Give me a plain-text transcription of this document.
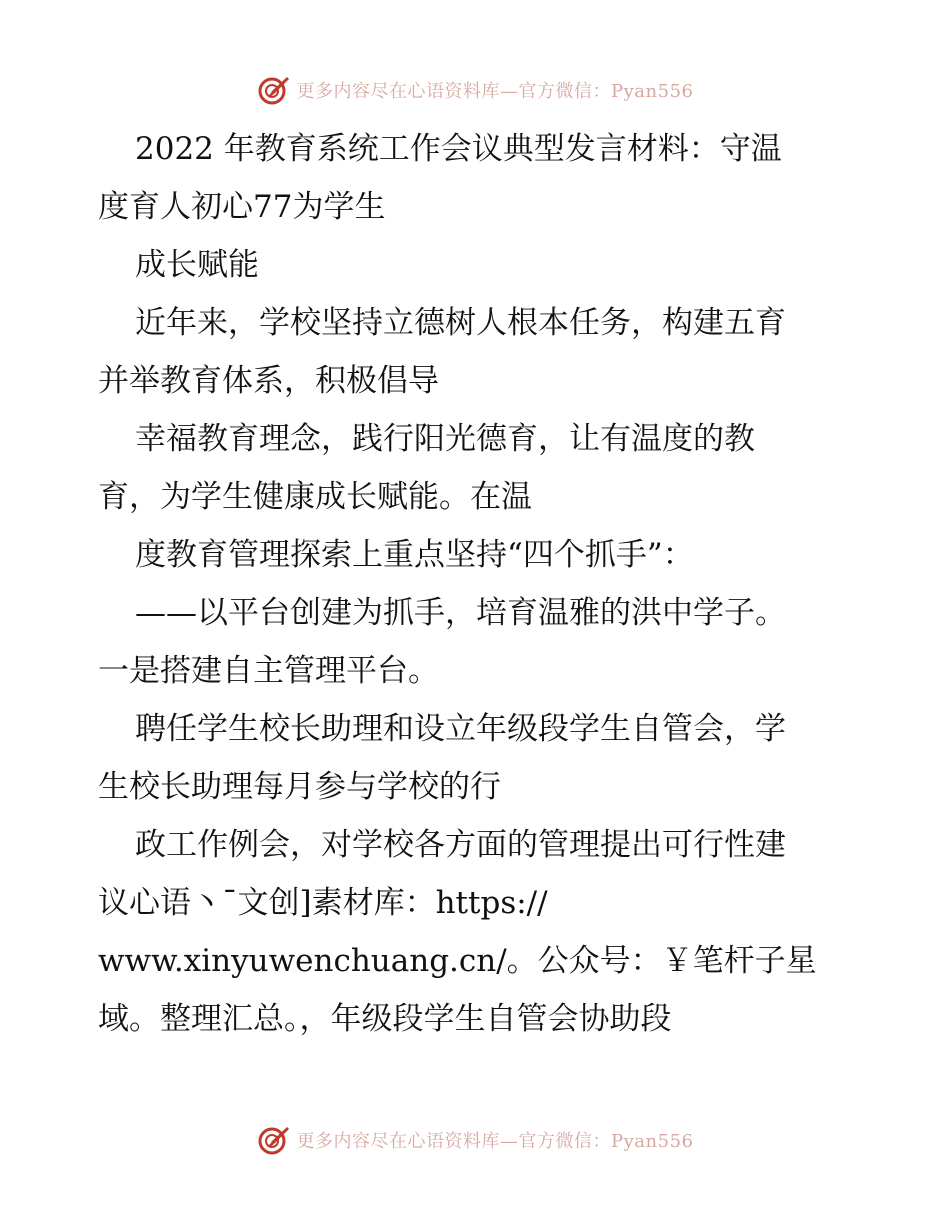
更多内容尽在心语资料库—官方微信：Pyan556
2022 年教育系统工作会议典型发言材料：守温
度育人初心77为学生
成长赋能
近年来，学校坚持立德树人根本任务，构建五育
并举教育体系，积极倡导
幸福教育理念，践行阳光德育，让有温度的教
育，为学生健康成长赋能。在温
度教育管理探索上重点坚持“四个抓手”：
——以平台创建为抓手，培育温雅的洪中学子。
一是搭建自主管理平台。
聘任学生校长助理和设立年级段学生自管会，学
生校长助理每月参与学校的行
政工作例会，对学校各方面的管理提出可行性建
议心语丶¯文创]素材库：https://
www.xinyuwenchuang.cn/。公众号：￥笔杆子星
域。整理汇总。，年级段学生自管会协助段
更多内容尽在心语资料库—官方微信：Pyan556
